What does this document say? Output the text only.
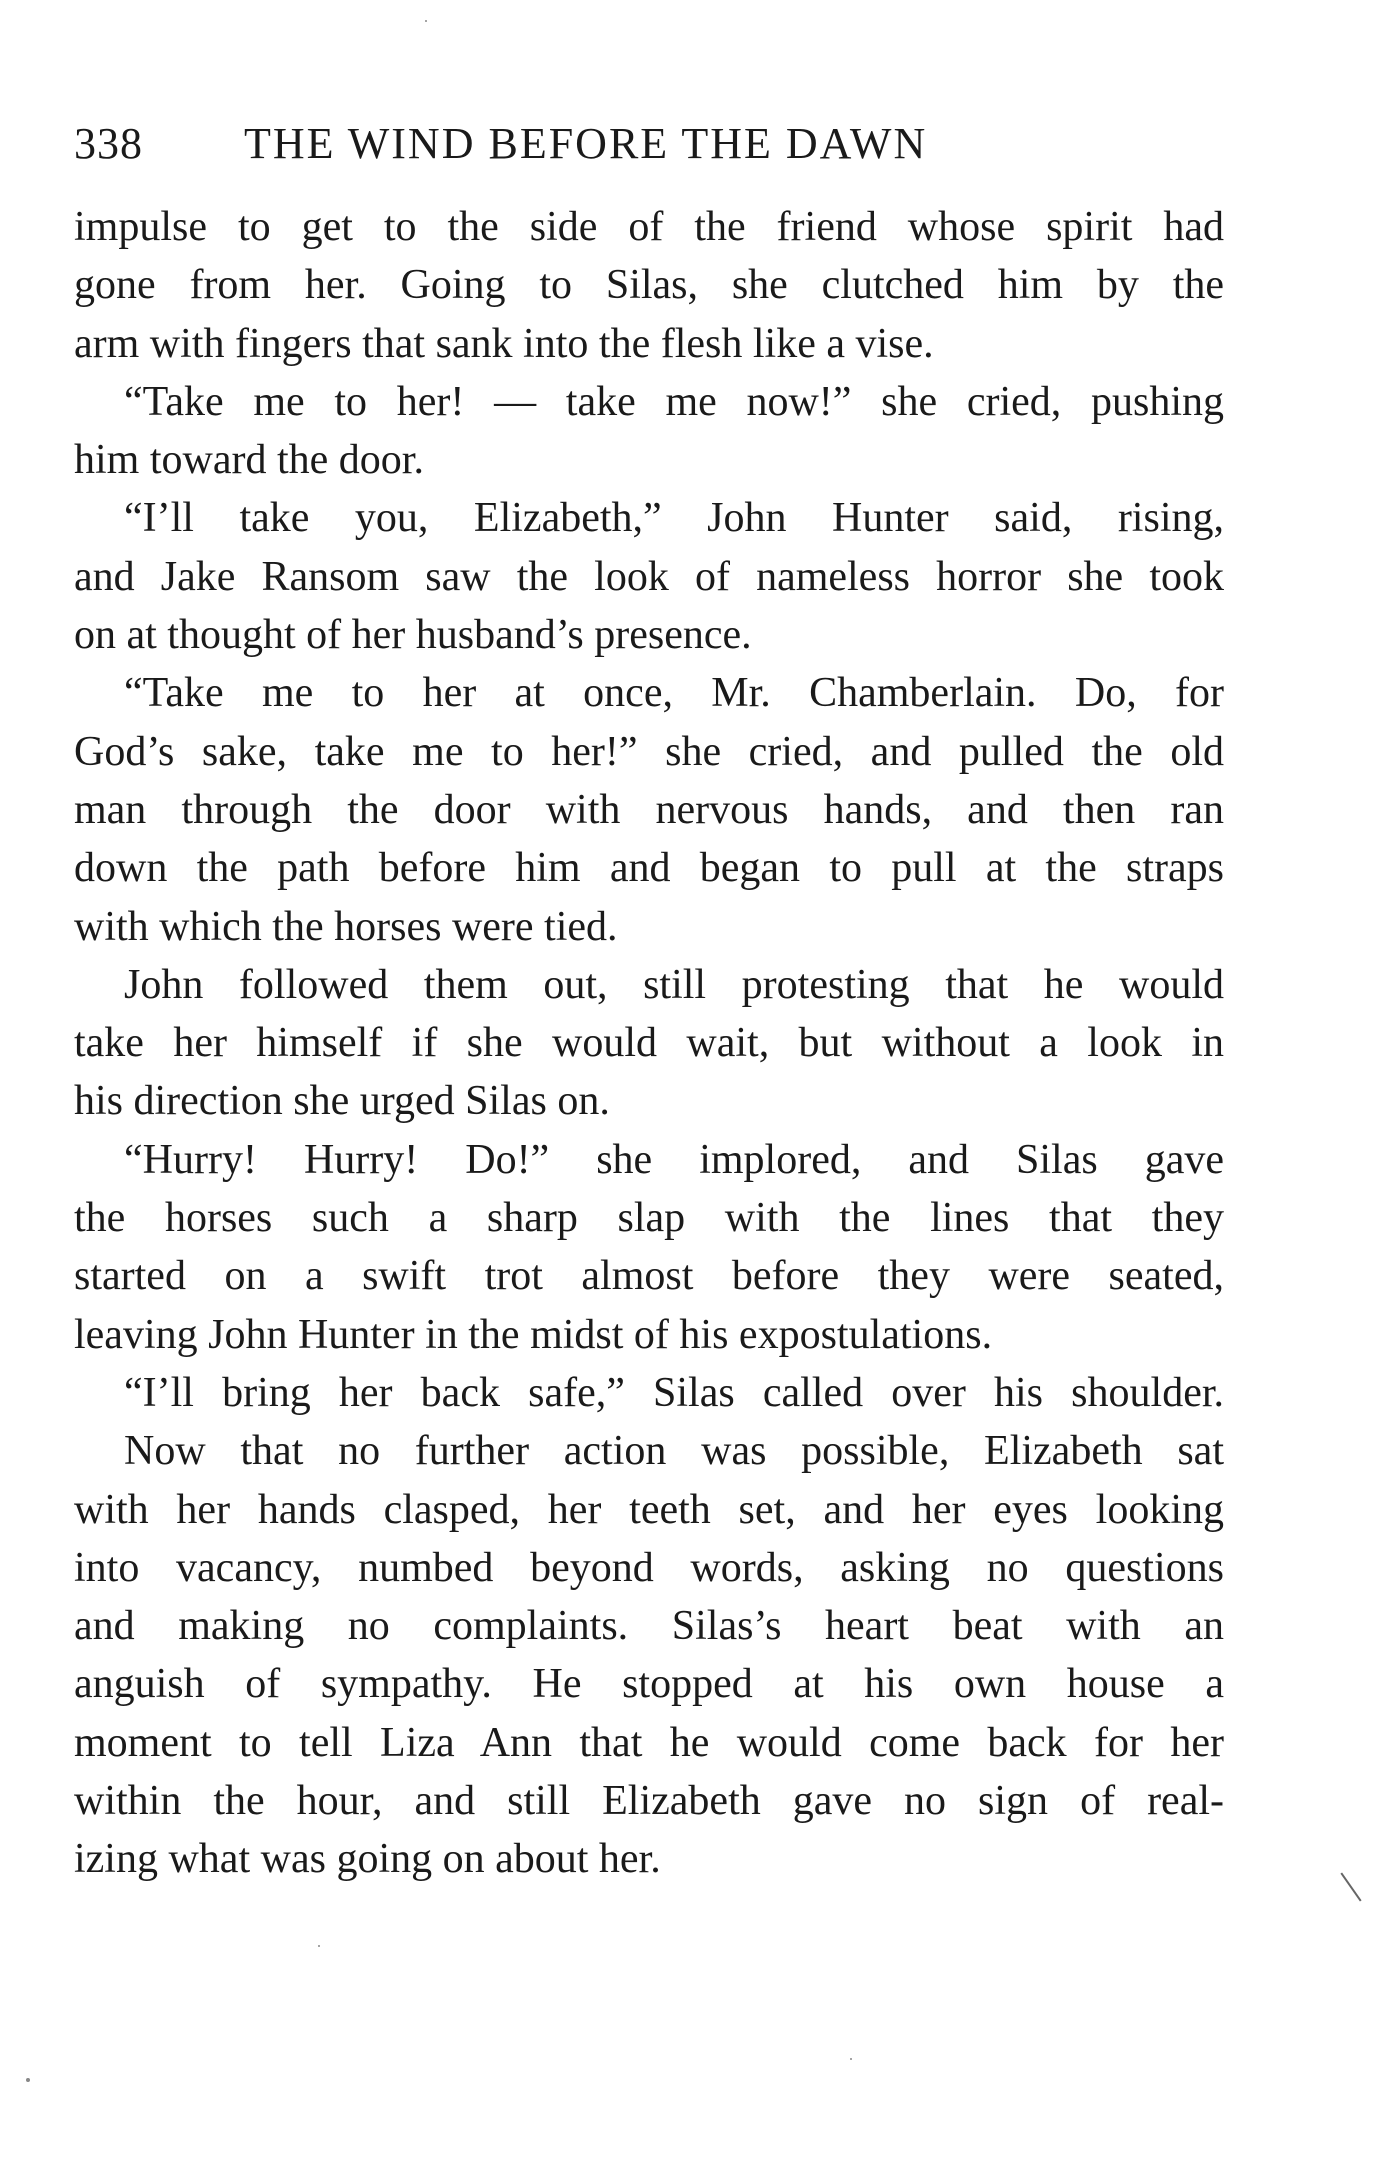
338 THE WIND BEFORE THE DAWN
impulse to get to the side of the friend whose spirit had
gone from her. Going to Silas, she clutched him by the
arm with fingers that sank into the flesh like a vise.
“Take me to her! — take me now!” she cried, pushing
him toward the door.
“I’ll take you, Elizabeth,” John Hunter said, rising,
and Jake Ransom saw the look of nameless horror she took
on at thought of her husband’s presence.
“Take me to her at once, Mr. Chamberlain. Do, for
God’s sake, take me to her!” she cried, and pulled the old
man through the door with nervous hands, and then ran
down the path before him and began to pull at the straps
with which the horses were tied.
John followed them out, still protesting that he would
take her himself if she would wait, but without a look in
his direction she urged Silas on.
“Hurry! Hurry! Do!” she implored, and Silas gave
the horses such a sharp slap with the lines that they
started on a swift trot almost before they were seated,
leaving John Hunter in the midst of his expostulations.
“I’ll bring her back safe,” Silas called over his shoulder.
Now that no further action was possible, Elizabeth sat
with her hands clasped, her teeth set, and her eyes looking
into vacancy, numbed beyond words, asking no questions
and making no complaints. Silas’s heart beat with an
anguish of sympathy. He stopped at his own house a
moment to tell Liza Ann that he would come back for her
within the hour, and still Elizabeth gave no sign of real-
izing what was going on about her.
